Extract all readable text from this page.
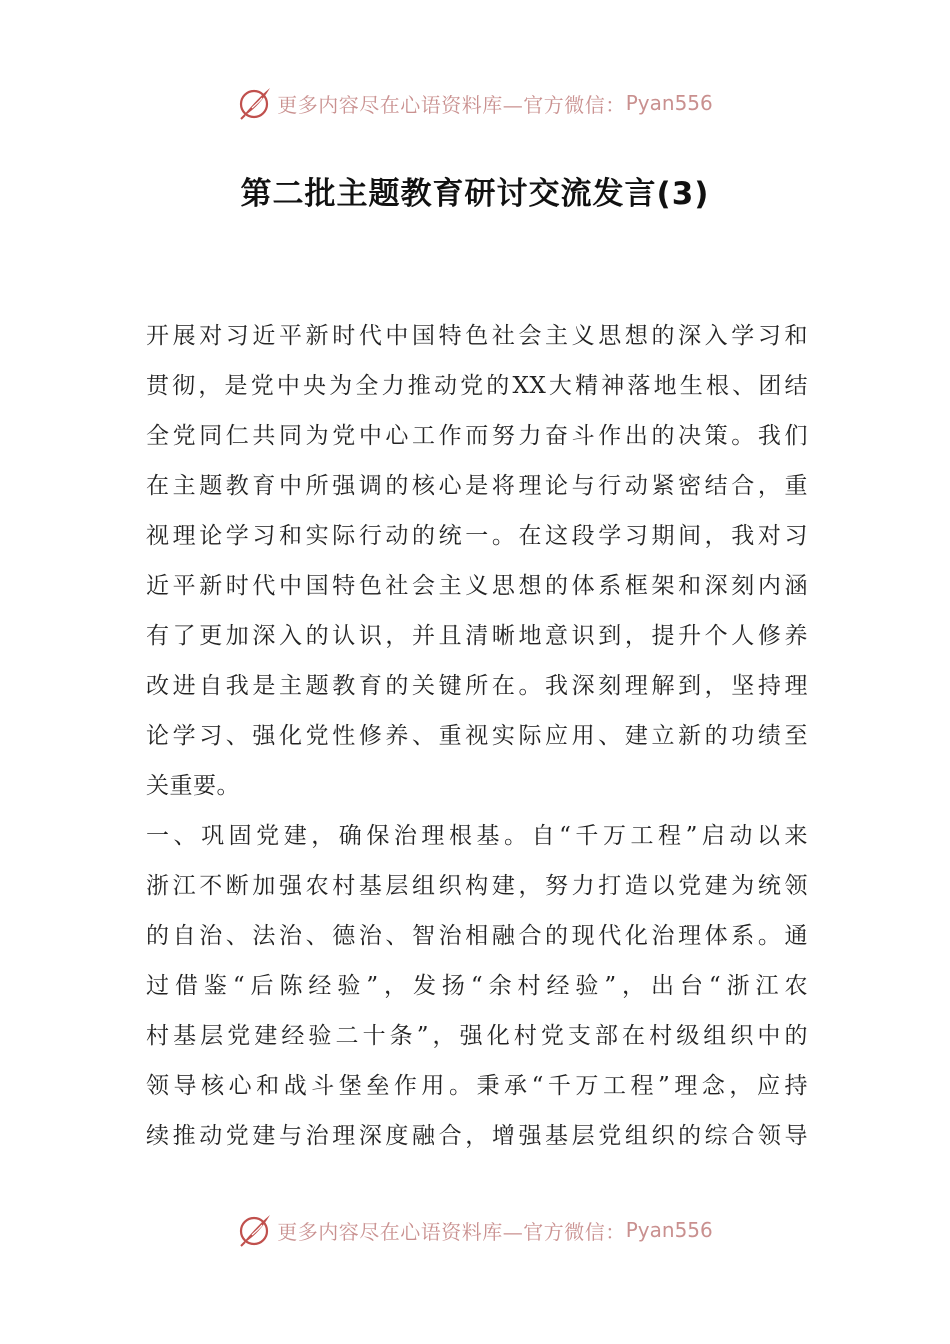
更多内容尽在心语资料库—官方微信： Pyan556
第二批主题教育研讨交流发言(3)
开展对习近平新时代中国特色社会主义思想的深入学习和
贯彻，是党中央为全力推动党的XX大精神落地生根、团结
全党同仁共同为党中心工作而努力奋斗作出的决策。我们
在主题教育中所强调的核心是将理论与行动紧密结合，重
视理论学习和实际行动的统一。在这段学习期间，我对习
近平新时代中国特色社会主义思想的体系框架和深刻内涵
有了更加深入的认识，并且清晰地意识到，提升个人修养
改进自我是主题教育的关键所在。我深刻理解到，坚持理
论学习、强化党性修养、重视实际应用、建立新的功绩至
关重要。
一、巩固党建，确保治理根基。自“千万工程”启动以来
浙江不断加强农村基层组织构建，努力打造以党建为统领
的自治、法治、德治、智治相融合的现代化治理体系。通
过借鉴“后陈经验”，发扬“余村经验”，出台“浙江农
村基层党建经验二十条”，强化村党支部在村级组织中的
领导核心和战斗堡垒作用。秉承“千万工程”理念，应持
续推动党建与治理深度融合，增强基层党组织的综合领导
更多内容尽在心语资料库—官方微信： Pyan556
